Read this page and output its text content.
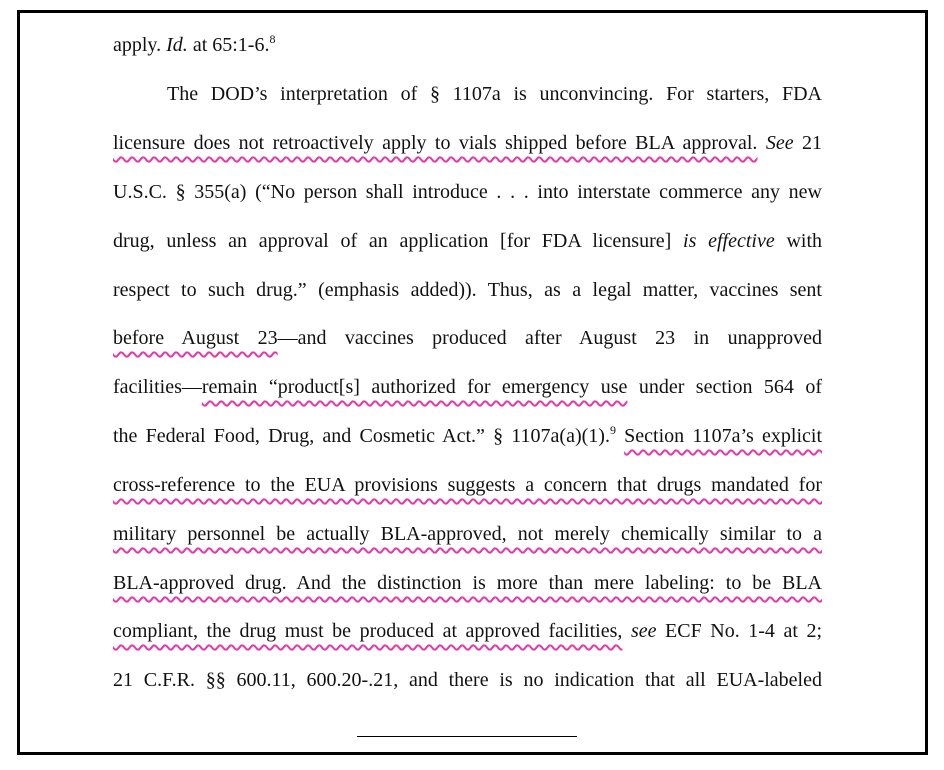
apply. Id. at 65:1-6.$^8$
The DOD’s interpretation of § 1107a is unconvincing. For starters, FDA
licensure does not retroactively apply to vials shipped before BLA approval. See 21
U.S.C. § 355(a) (“No person shall introduce . . . into interstate commerce any new
drug, unless an approval of an application [for FDA licensure] is effective with
respect to such drug.” (emphasis added)). Thus, as a legal matter, vaccines sent
before August 23—and vaccines produced after August 23 in unapproved
facilities—remain “product[s] authorized for emergency use under section 564 of
the Federal Food, Drug, and Cosmetic Act.” § 1107a(a)(1).$^9$ Section 1107a’s explicit
cross-reference to the EUA provisions suggests a concern that drugs mandated for
military personnel be actually BLA-approved, not merely chemically similar to a
BLA-approved drug. And the distinction is more than mere labeling: to be BLA
compliant, the drug must be produced at approved facilities, see ECF No. 1-4 at 2;
21 C.F.R. §§ 600.11, 600.20-.21, and there is no indication that all EUA-labeled
